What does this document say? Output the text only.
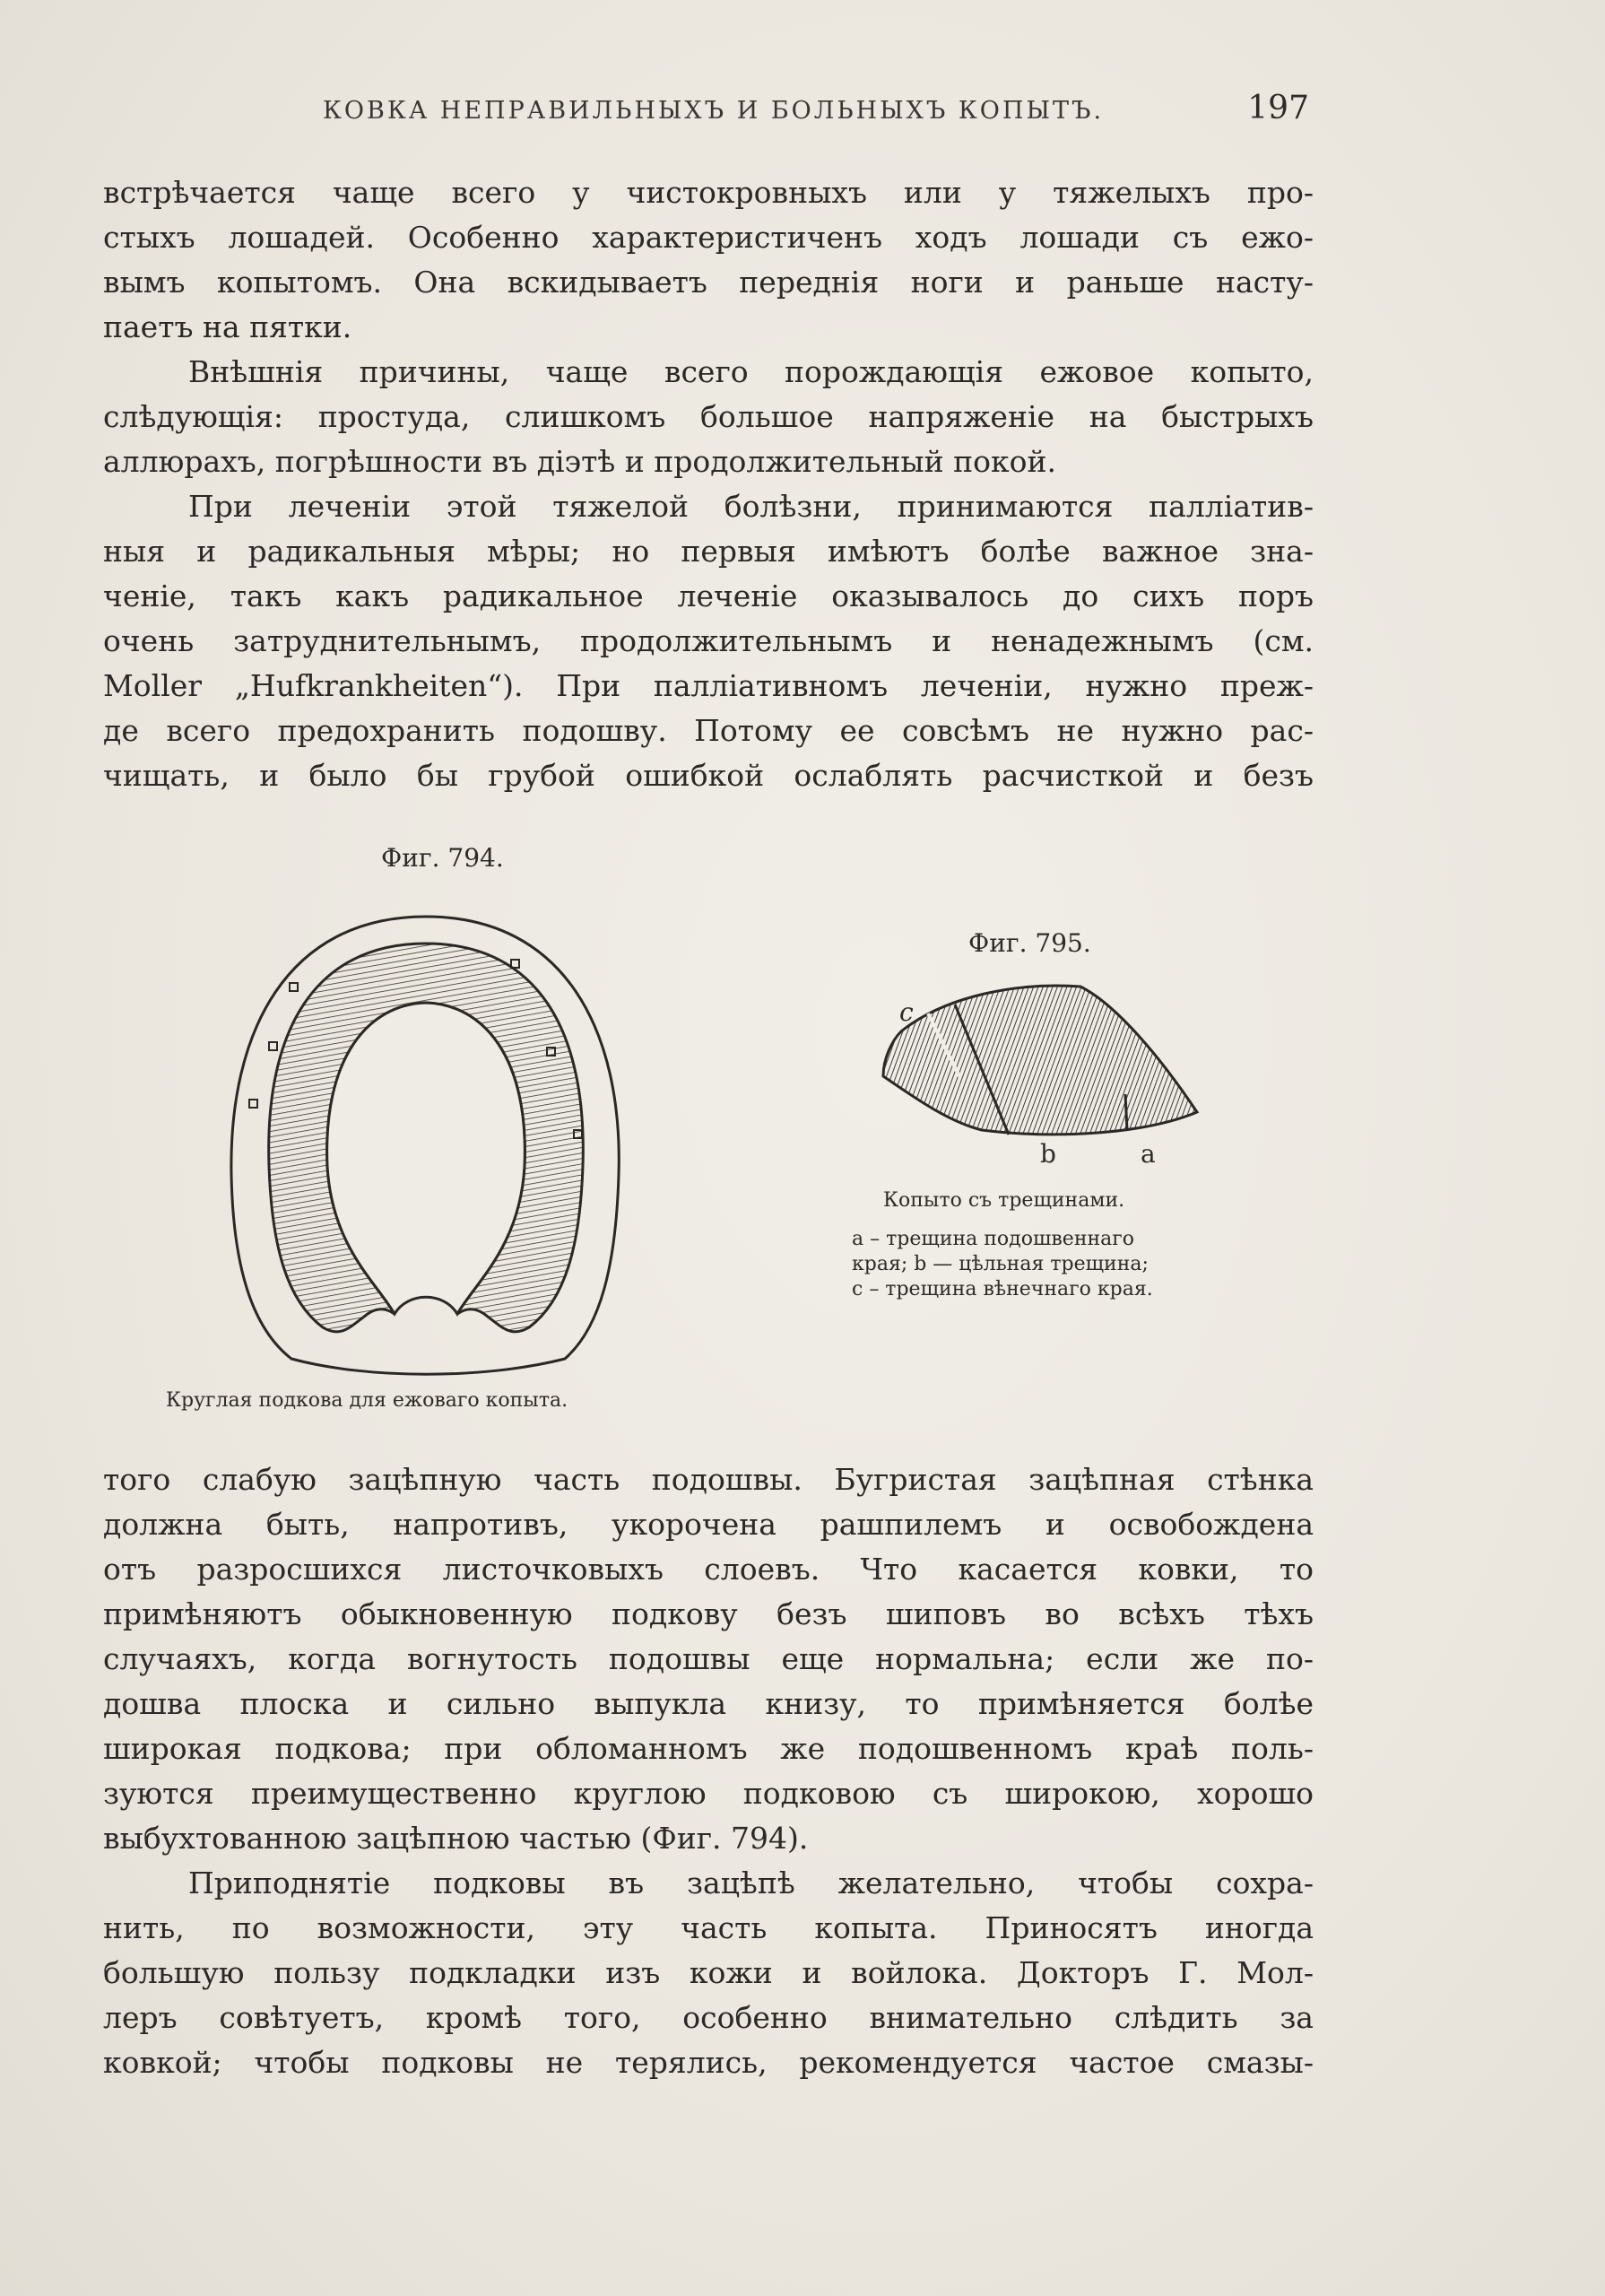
КОВКА НЕПРАВИЛЬНЫХЪ И БОЛЬНЫХЪ КОПЫТЪ.	197
встрѣчается чаще всего у чистокровныхъ или у тяжелыхъ про-
стыхъ лошадей. Особенно характеристиченъ ходъ лошади съ ежо-
вымъ копытомъ. Она вскидываетъ переднія ноги и раньше насту-
паетъ на пятки.
Внѣшнія причины, чаще всего порождающія ежовое копыто,
слѣдующія: простуда, слишкомъ большое напряженіе на быстрыхъ
аллюрахъ, погрѣшности въ діэтѣ и продолжительный покой.
При леченіи этой тяжелой болѣзни, принимаются палліатив-
ныя и радикальныя мѣры; но первыя имѣютъ болѣе важное зна-
ченіе, такъ какъ радикальное леченіе оказывалось до сихъ поръ
очень затруднительнымъ, продолжительнымъ и ненадежнымъ (см.
Moller „Hufkrankheiten“). При палліативномъ леченіи, нужно преж-
де всего предохранить подошву. Потому ее совсѣмъ не нужно рас-
чищать, и было бы грубой ошибкой ослаблять расчисткой и безъ
Фиг. 794.
Круглая подкова для ежоваго копыта.
Фиг. 795.
c
b	a
Копыто съ трещинами.
а – трещина подошвеннаго
края; b — цѣльная трещина;
c – трещина вѣнечнаго края.
того слабую зацѣпную часть подошвы. Бугристая зацѣпная стѣнка
должна быть, напротивъ, укорочена рашпилемъ и освобождена
отъ разросшихся листочковыхъ слоевъ. Что касается ковки, то
примѣняютъ обыкновенную подкову безъ шиповъ во всѣхъ тѣхъ
случаяхъ, когда вогнутость подошвы еще нормальна; если же по-
дошва плоска и сильно выпукла книзу, то примѣняется болѣе
широкая подкова; при обломанномъ же подошвенномъ краѣ поль-
зуются преимущественно круглою подковою съ широкою, хорошо
выбухтованною зацѣпною частью (Фиг. 794).
Приподнятіе подковы въ зацѣпѣ желательно, чтобы сохра-
нить, по возможности, эту часть копыта. Приносятъ иногда
большую пользу подкладки изъ кожи и войлока. Докторъ Г. Мол-
леръ совѣтуетъ, кромѣ того, особенно внимательно слѣдить за
ковкой; чтобы подковы не терялись, рекомендуется частое смазы-
